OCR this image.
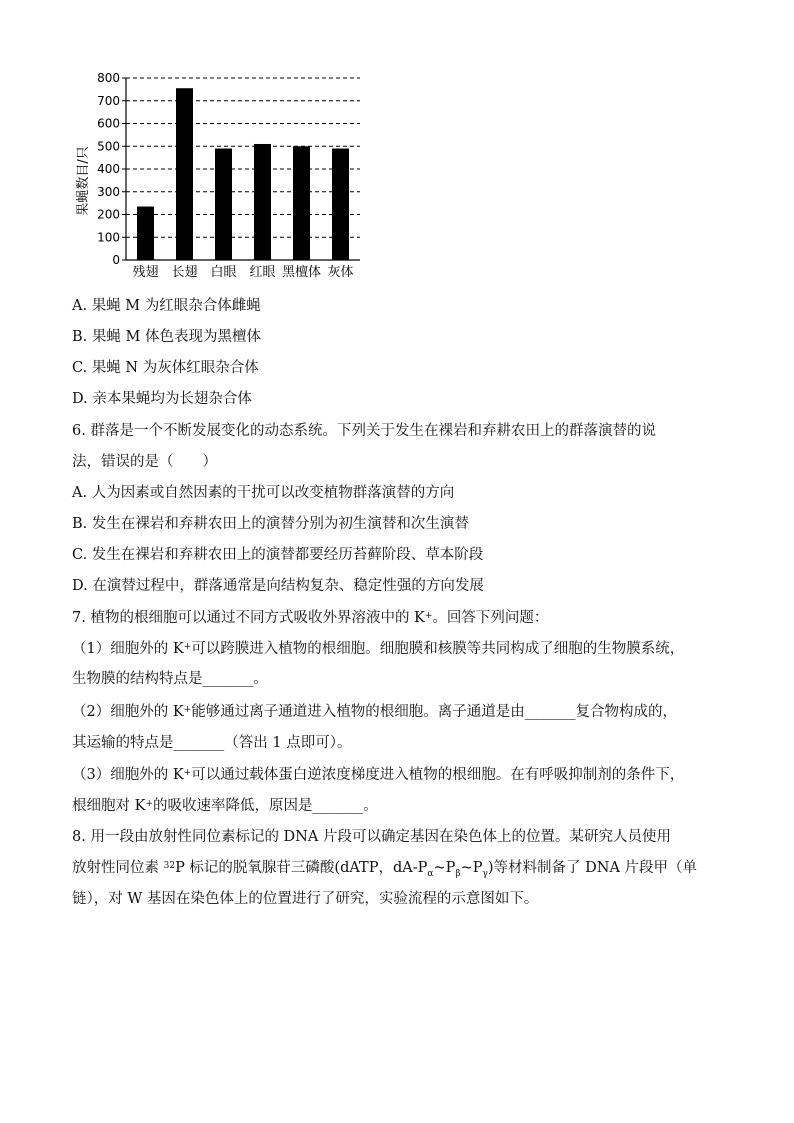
0
100
200
300
400
500
600
700
800
残翅 长翅 白眼 红眼 黑檀体 灰体
果蝇数目/只
A. 果蝇 M 为红眼杂合体雌蝇
B. 果蝇 M 体色表现为黑檀体
C. 果蝇 N 为灰体红眼杂合体
D. 亲本果蝇均为长翅杂合体
6. 群落是一个不断发展变化的动态系统。下列关于发生在裸岩和弃耕农田上的群落演替的说
法，错误的是（　　）
A. 人为因素或自然因素的干扰可以改变植物群落演替的方向
B. 发生在裸岩和弃耕农田上的演替分别为初生演替和次生演替
C. 发生在裸岩和弃耕农田上的演替都要经历苔藓阶段、草本阶段
D. 在演替过程中，群落通常是向结构复杂、稳定性强的方向发展
7. 植物的根细胞可以通过不同方式吸收外界溶液中的 K+。回答下列问题：
（1）细胞外的 K+可以跨膜进入植物的根细胞。细胞膜和核膜等共同构成了细胞的生物膜系统，
生物膜的结构特点是_______。
（2）细胞外的 K+能够通过离子通道进入植物的根细胞。离子通道是由_______复合物构成的，
其运输的特点是_______（答出 1 点即可）。
（3）细胞外的 K+可以通过载体蛋白逆浓度梯度进入植物的根细胞。在有呼吸抑制剂的条件下，
根细胞对 K+的吸收速率降低，原因是_______。
8. 用一段由放射性同位素标记的 DNA 片段可以确定基因在染色体上的位置。某研究人员使用
放射性同位素 $^{32}$P 标记的脱氧腺苷三磷酸(dATP，$dA-P_\alpha\sim P_\beta\sim P_\gamma$)等材料制备了 DNA 片段甲（单
链），对 W 基因在染色体上的位置进行了研究，实验流程的示意图如下。
